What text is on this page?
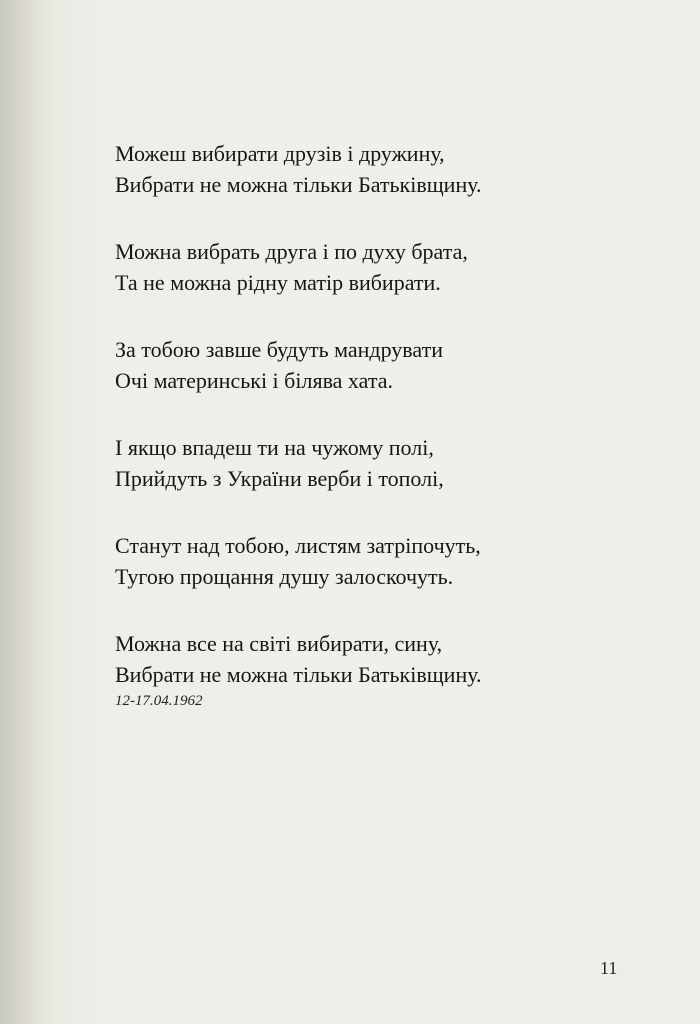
Можеш вибирати друзів і дружину,
Вибрати не можна тільки Батьківщину.
Можна вибрать друга і по духу брата,
Та не можна рідну матір вибирати.
За тобою завше будуть мандрувати
Очі материнські і білява хата.
І якщо впадеш ти на чужому полі,
Прийдуть з України верби і тополі,
Станут над тобою, листям затріпочуть,
Тугою прощання душу залоскочуть.
Можна все на світі вибирати, сину,
Вибрати не можна тільки Батьківщину.
12-17.04.1962
11
